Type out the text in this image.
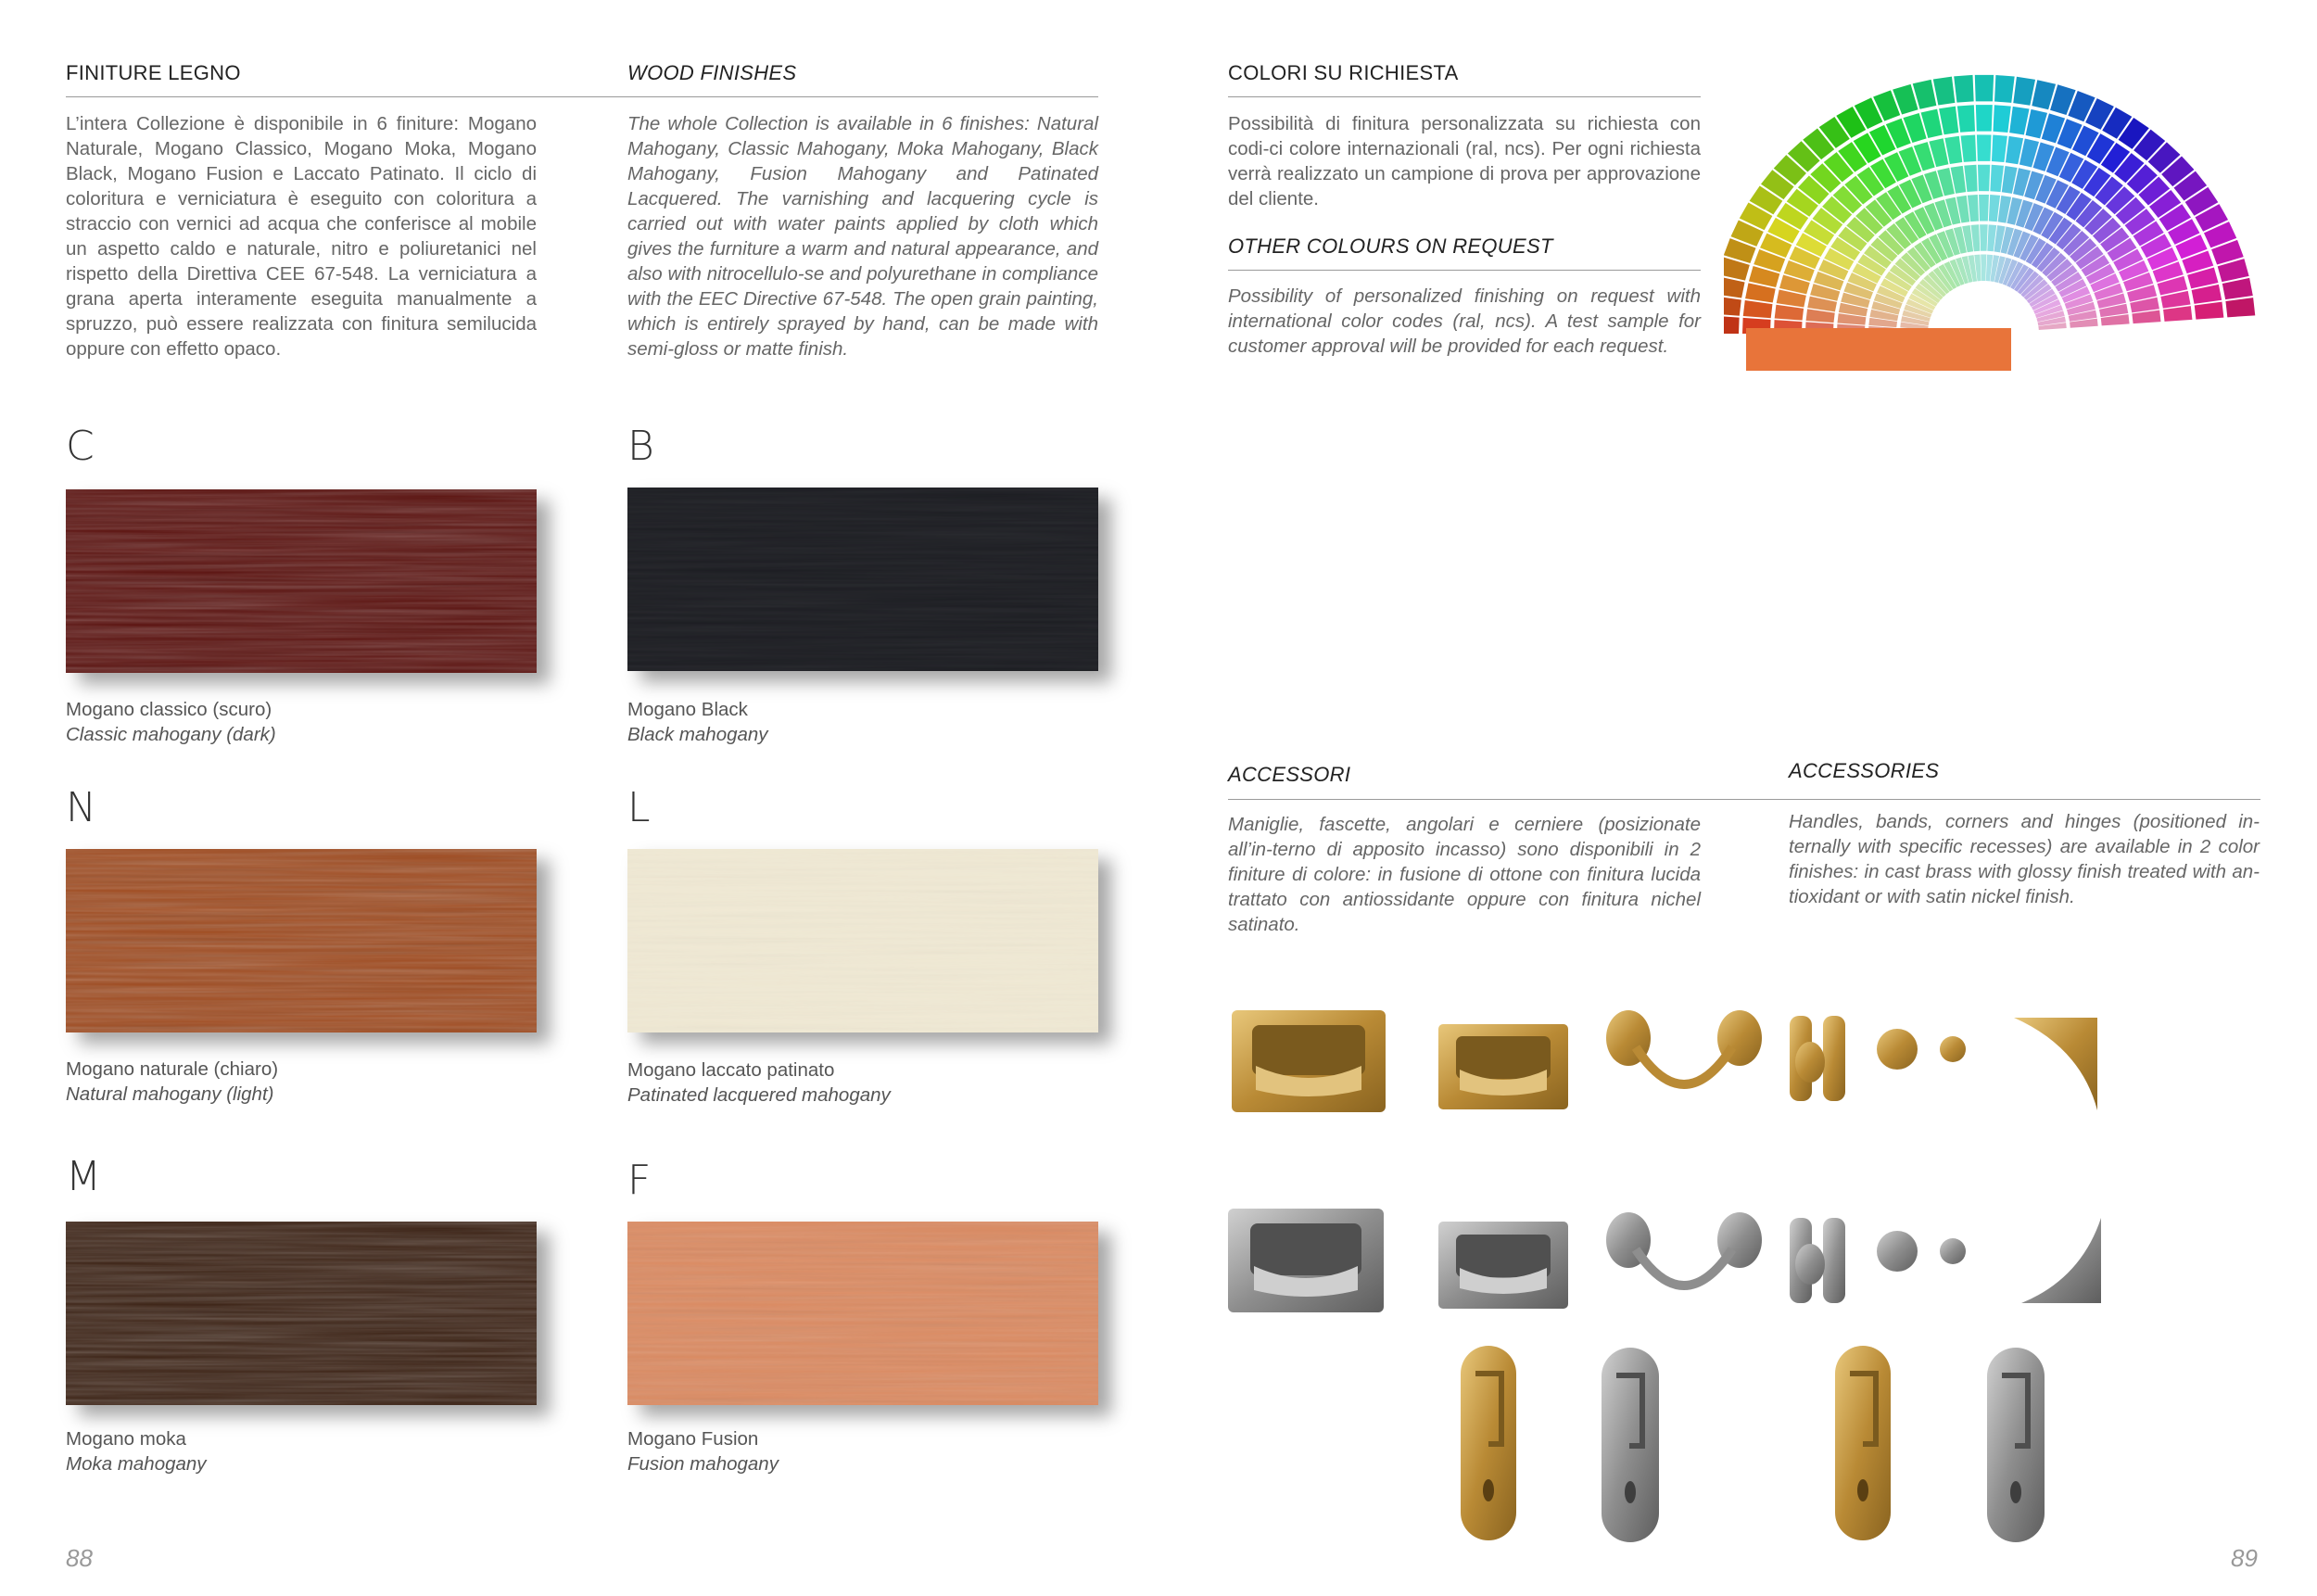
FINITURE LEGNO	WOOD FINISHES
L’intera Collezione è disponibile in 6 finiture: Mogano Naturale, Mogano Classico, Mogano Moka, Mogano Black, Mogano Fusion e Laccato Patinato. Il ciclo di coloritura e verniciatura è eseguito con coloritura a straccio con vernici ad acqua che conferisce al mobile un aspetto caldo e naturale, nitro e poliuretanici nel rispetto della Direttiva CEE 67-548. La verniciatura a grana aperta interamente eseguita manualmente a spruzzo, può essere realizzata con finitura semilucida oppure con effetto opaco.
The whole Collection is available in 6 finishes: Natural Mahogany, Classic Mahogany, Moka Mahogany, Black Mahogany, Fusion Mahogany and Patinated Lacquered. The varnishing and lacquering cycle is carried out with water paints applied by cloth which gives the furniture a warm and natural appearance, and also with nitrocellulo-se and polyurethane in compliance with the EEC Directive 67-548. The open grain painting, which is entirely sprayed by hand, can be made with semi-gloss or matte finish.
C
Mogano classico (scuro)
Classic mahogany (dark)
B
Mogano Black
Black mahogany
N
Mogano naturale (chiaro)
Natural mahogany (light)
L
Mogano laccato patinato
Patinated lacquered mahogany
M
Mogano moka
Moka mahogany
F
Mogano Fusion
Fusion mahogany
88
COLORI SU RICHIESTA
Possibilità di finitura personalizzata su richiesta con codi-ci colore internazionali (ral, ncs). Per ogni richiesta verrà realizzato un campione di prova per approvazione del cliente.
OTHER COLOURS ON REQUEST
Possibility of personalized finishing on request with international color codes (ral, ncs). A test sample for customer approval will be provided for each request.
ACCESSORI	ACCESSORIES
Maniglie, fascette, angolari e cerniere (posizionate all’in-terno di apposito incasso) sono disponibili in 2 finiture di colore: in fusione di ottone con finitura lucida trattato con antiossidante oppure con finitura nichel satinato.
Handles, bands, corners and hinges (positioned in-ternally with specific recesses) are available in 2 color finishes: in cast brass with glossy finish treated with an-tioxidant or with satin nickel finish.
89
